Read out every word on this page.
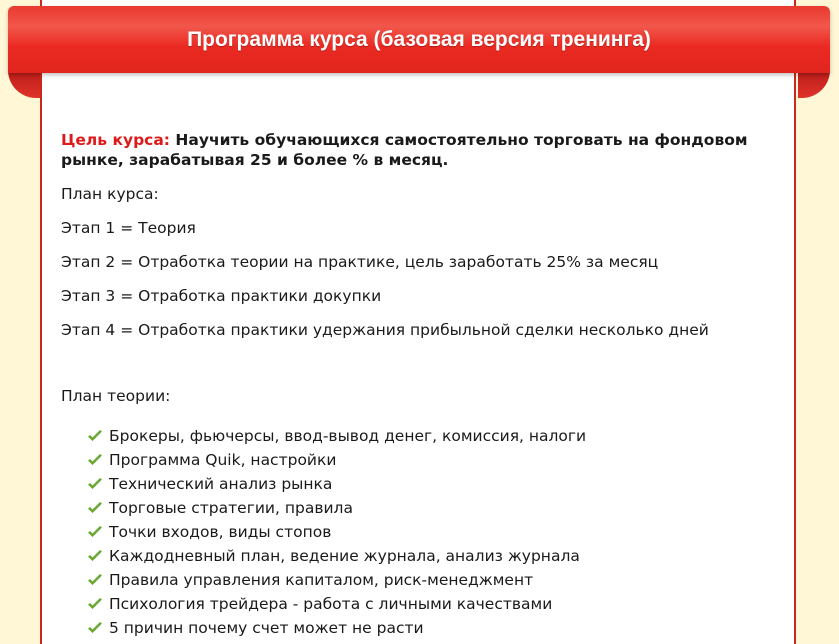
Программа курса (базовая версия тренинга)

Цель курса: Научить обучающихся самостоятельно торговать на фондовом рынке, зарабатывая 25 и более % в месяц.

План курса:

Этап 1 = Теория

Этап 2 = Отработка теории на практике, цель заработать 25% за месяц

Этап 3 = Отработка практики докупки

Этап 4 = Отработка практики удержания прибыльной сделки несколько дней

План теории:

Брокеры, фьючерсы, ввод-вывод денег, комиссия, налоги
Программа Quik, настройки
Технический анализ рынка
Торговые стратегии, правила
Точки входов, виды стопов
Каждодневный план, ведение журнала, анализ журнала
Правила управления капиталом, риск-менеджмент
Психология трейдера - работа с личными качествами
5 причин почему счет может не расти
